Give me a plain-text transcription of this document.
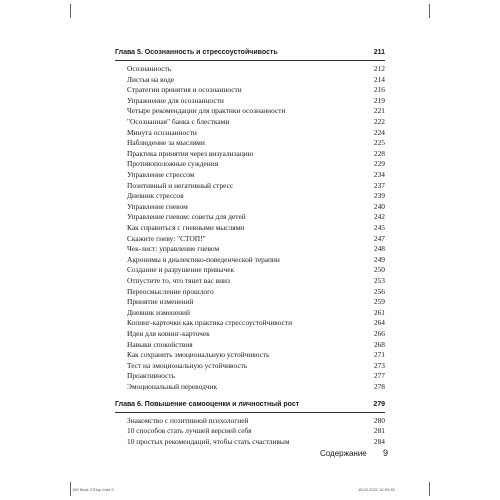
Глава 5. Осознанность и стрессоустойчивость	211
Осознанность	212
Листья на воде	214
Стратегии принятия и осознанности	216
Упражнение для осознанности	219
Четыре рекомендации для практики осознанности	221
"Осознанная" банка с блестками	222
Минута осознанности	224
Наблюдение за мыслями	225
Практика принятия через визуализацию	228
Противоположные суждения	229
Управление стрессом	234
Позитивный и негативный стресс	237
Дневник стрессов	239
Управление гневом	240
Управление гневом: советы для детей	242
Как справиться с гневными мыслями	245
Скажите гневу: "СТОП!"	247
Чек-лист: управление гневом	248
Акронимы в диалектико-поведенческой терапии	249
Создание и разрушение привычек	250
Отпустите то, что тянет вас вниз	253
Переосмысление прошлого	256
Принятие изменений	259
Дневник изменений	261
Копинг-карточки как практика стрессоустойчивости	264
Идеи для копинг-карточек	266
Навыки спокойствия	268
Как сохранить эмоциональную устойчивость	271
Тест на эмоциональную устойчивость	273
Проактивность	277
Эмоциональный переводчик	278
Глава 6. Повышение самооценки и личностный рост	279
Знакомство с позитивной психологией	280
10 способов стать лучшей версией себя	281
10 простых рекомендаций, чтобы стать счастливым	284
Содержание 9
150 Most CS1sp.indd 9	18.02.2021 16:59:35
